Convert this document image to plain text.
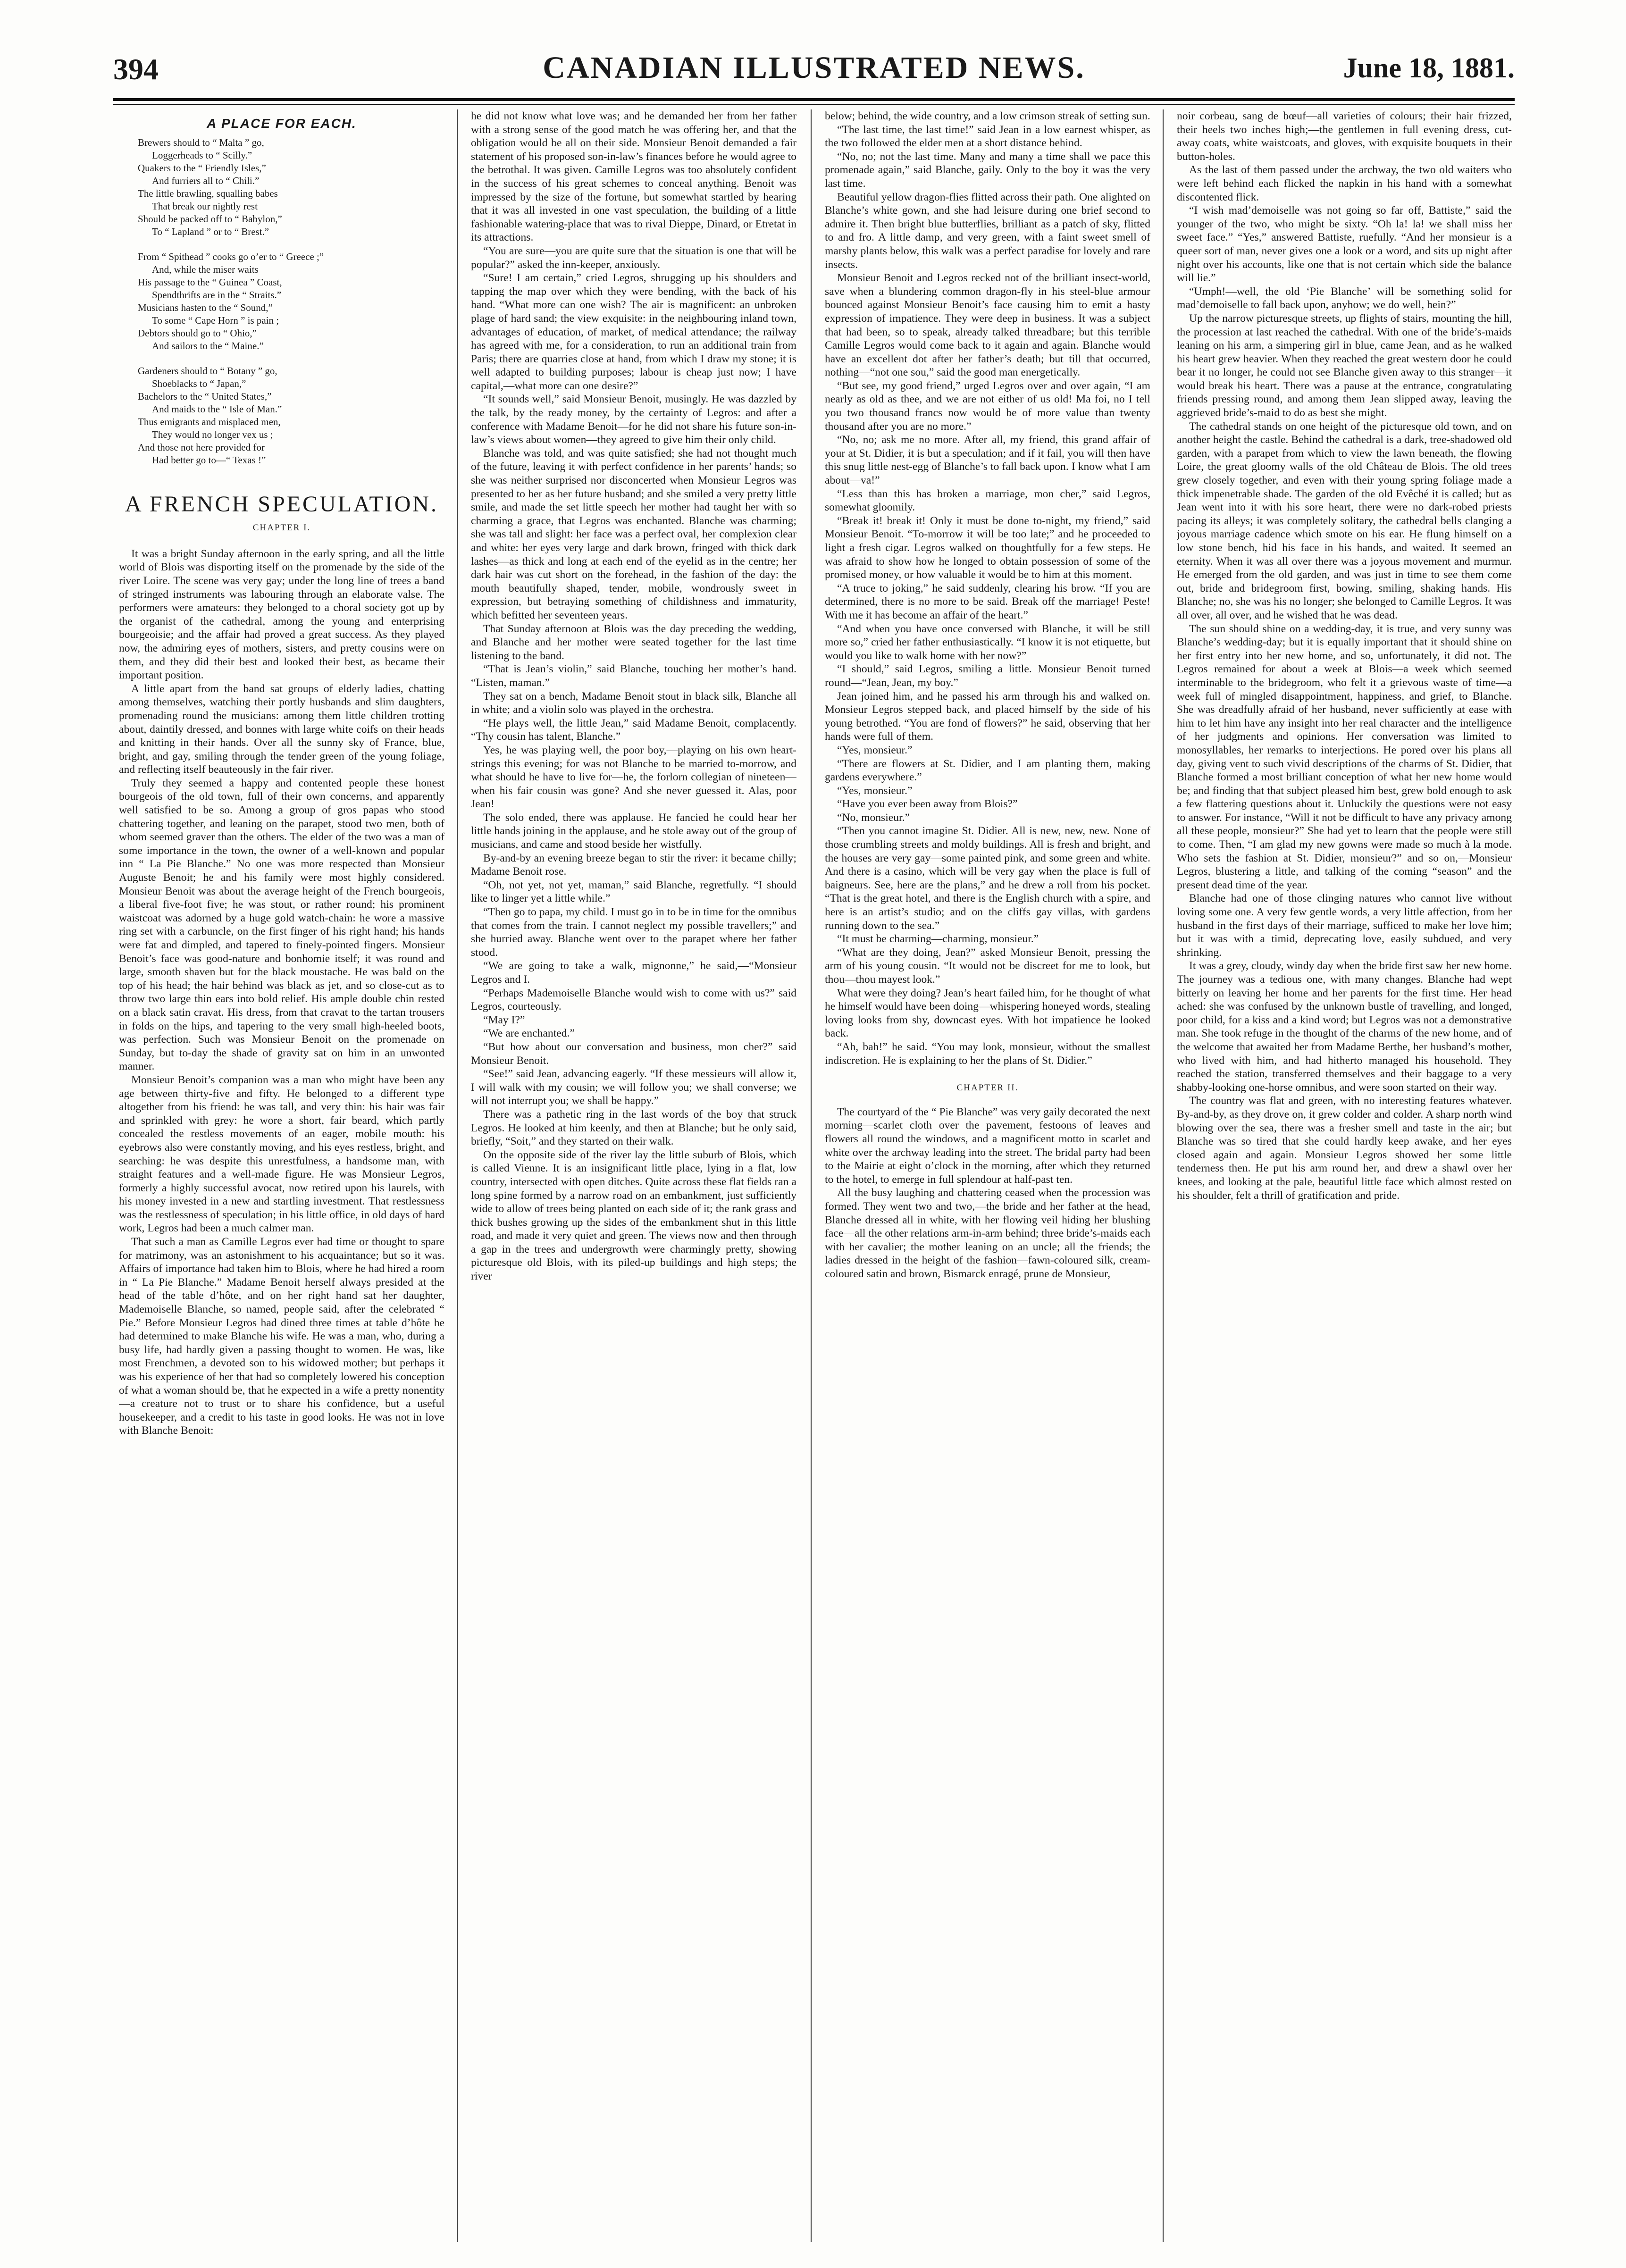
394	CANADIAN ILLUSTRATED NEWS.	June 18, 1881.
A PLACE FOR EACH.
Brewers should to “ Malta ” go,
Loggerheads to “ Scilly.”
Quakers to the “ Friendly Isles,”
And furriers all to “ Chili.”
The little brawling, squalling babes
That break our nightly rest
Should be packed off to “ Babylon,”
To “ Lapland ” or to “ Brest.”
From “ Spithead ” cooks go o’er to “ Greece ;”
And, while the miser waits
His passage to the “ Guinea ” Coast,
Spendthrifts are in the “ Straits.”
Musicians hasten to the “ Sound,”
To some “ Cape Horn ” is pain ;
Debtors should go to “ Ohio,”
And sailors to the “ Maine.”
Gardeners should to “ Botany ” go,
Shoeblacks to “ Japan,”
Bachelors to the “ United States,”
And maids to the “ Isle of Man.”
Thus emigrants and misplaced men,
They would no longer vex us ;
And those not here provided for
Had better go to—“ Texas !”
A FRENCH SPECULATION.
CHAPTER I.

It was a bright Sunday afternoon in the early spring, and all the little world of Blois was disporting itself on the promenade by the side of the river Loire. The scene was very gay; under the long line of trees a band of stringed instruments was labouring through an elaborate valse. The performers were amateurs: they belonged to a choral society got up by the organist of the cathedral, among the young and enterprising bourgeoisie; and the affair had proved a great success. As they played now, the admiring eyes of mothers, sisters, and pretty cousins were on them, and they did their best and looked their best, as became their important position.

A little apart from the band sat groups of elderly ladies, chatting among themselves, watching their portly husbands and slim daughters, promenading round the musicians: among them little children trotting about, daintily dressed, and bonnes with large white coifs on their heads and knitting in their hands. Over all the sunny sky of France, blue, bright, and gay, smiling through the tender green of the young foliage, and reflecting itself beauteously in the fair river.

Truly they seemed a happy and contented people these honest bourgeois of the old town, full of their own concerns, and apparently well satisfied to be so. Among a group of gros papas who stood chattering together, and leaning on the parapet, stood two men, both of whom seemed graver than the others. The elder of the two was a man of some importance in the town, the owner of a well-known and popular inn “ La Pie Blanche.” No one was more respected than Monsieur Auguste Benoit; he and his family were most highly considered. Monsieur Benoit was about the average height of the French bourgeois, a liberal five-foot five; he was stout, or rather round; his prominent waistcoat was adorned by a huge gold watch-chain: he wore a massive ring set with a carbuncle, on the first finger of his right hand; his hands were fat and dimpled, and tapered to finely-pointed fingers. Monsieur Benoit’s face was good-nature and bonhomie itself; it was round and large, smooth shaven but for the black moustache. He was bald on the top of his head; the hair behind was black as jet, and so close-cut as to throw two large thin ears into bold relief. His ample double chin rested on a black satin cravat. His dress, from that cravat to the tartan trousers in folds on the hips, and tapering to the very small high-heeled boots, was perfection. Such was Monsieur Benoit on the promenade on Sunday, but to-day the shade of gravity sat on him in an unwonted manner.

Monsieur Benoit’s companion was a man who might have been any age between thirty-five and fifty. He belonged to a different type altogether from his friend: he was tall, and very thin: his hair was fair and sprinkled with grey: he wore a short, fair beard, which partly concealed the restless movements of an eager, mobile mouth: his eyebrows also were constantly moving, and his eyes restless, bright, and searching: he was despite this unrestfulness, a handsome man, with straight features and a well-made figure. He was Monsieur Legros, formerly a highly successful avocat, now retired upon his laurels, with his money invested in a new and startling investment. That restlessness was the restlessness of speculation; in his little office, in old days of hard work, Legros had been a much calmer man.

That such a man as Camille Legros ever had time or thought to spare for matrimony, was an astonishment to his acquaintance; but so it was. Affairs of importance had taken him to Blois, where he had hired a room in “ La Pie Blanche.” Madame Benoit herself always presided at the head of the table d’hôte, and on her right hand sat her daughter, Mademoiselle Blanche, so named, people said, after the celebrated “ Pie.” Before Monsieur Legros had dined three times at table d’hôte he had determined to make Blanche his wife. He was a man, who, during a busy life, had hardly given a passing thought to women. He was, like most Frenchmen, a devoted son to his widowed mother; but perhaps it was his experience of her that had so completely lowered his conception of what a woman should be, that he expected in a wife a pretty nonentity—a creature not to trust or to share his confidence, but a useful housekeeper, and a credit to his taste in good looks. He was not in love with Blanche Benoit:

he did not know what love was; and he demanded her from her father with a strong sense of the good match he was offering her, and that the obligation would be all on their side. Monsieur Benoit demanded a fair statement of his proposed son-in-law’s finances before he would agree to the betrothal. It was given. Camille Legros was too absolutely confident in the success of his great schemes to conceal anything. Benoit was impressed by the size of the fortune, but somewhat startled by hearing that it was all invested in one vast speculation, the building of a little fashionable watering-place that was to rival Dieppe, Dinard, or Etretat in its attractions.

“You are sure—you are quite sure that the situation is one that will be popular?” asked the inn-keeper, anxiously.

“Sure! I am certain,” cried Legros, shrugging up his shoulders and tapping the map over which they were bending, with the back of his hand. “What more can one wish? The air is magnificent: an unbroken plage of hard sand; the view exquisite: in the neighbouring inland town, advantages of education, of market, of medical attendance; the railway has agreed with me, for a consideration, to run an additional train from Paris; there are quarries close at hand, from which I draw my stone; it is well adapted to building purposes; labour is cheap just now; I have capital,—what more can one desire?”

“It sounds well,” said Monsieur Benoit, musingly. He was dazzled by the talk, by the ready money, by the certainty of Legros: and after a conference with Madame Benoit—for he did not share his future son-in-law’s views about women—they agreed to give him their only child.

Blanche was told, and was quite satisfied; she had not thought much of the future, leaving it with perfect confidence in her parents’ hands; so she was neither surprised nor disconcerted when Monsieur Legros was presented to her as her future husband; and she smiled a very pretty little smile, and made the set little speech her mother had taught her with so charming a grace, that Legros was enchanted. Blanche was charming; she was tall and slight: her face was a perfect oval, her complexion clear and white: her eyes very large and dark brown, fringed with thick dark lashes—as thick and long at each end of the eyelid as in the centre; her dark hair was cut short on the forehead, in the fashion of the day: the mouth beautifully shaped, tender, mobile, wondrously sweet in expression, but betraying something of childishness and immaturity, which befitted her seventeen years.

That Sunday afternoon at Blois was the day preceding the wedding, and Blanche and her mother were seated together for the last time listening to the band.

“That is Jean’s violin,” said Blanche, touching her mother’s hand. “Listen, maman.”

They sat on a bench, Madame Benoit stout in black silk, Blanche all in white; and a violin solo was played in the orchestra.

“He plays well, the little Jean,” said Madame Benoit, complacently. “Thy cousin has talent, Blanche.”

Yes, he was playing well, the poor boy,—playing on his own heart-strings this evening; for was not Blanche to be married to-morrow, and what should he have to live for—he, the forlorn collegian of nineteen—when his fair cousin was gone? And she never guessed it. Alas, poor Jean!

The solo ended, there was applause. He fancied he could hear her little hands joining in the applause, and he stole away out of the group of musicians, and came and stood beside her wistfully.

By-and-by an evening breeze began to stir the river: it became chilly; Madame Benoit rose.

“Oh, not yet, not yet, maman,” said Blanche, regretfully. “I should like to linger yet a little while.”

“Then go to papa, my child. I must go in to be in time for the omnibus that comes from the train. I cannot neglect my possible travellers;” and she hurried away. Blanche went over to the parapet where her father stood.

“We are going to take a walk, mignonne,” he said,—“Monsieur Legros and I.

“Perhaps Mademoiselle Blanche would wish to come with us?” said Legros, courteously.

“May I?”

“We are enchanted.”

“But how about our conversation and business, mon cher?” said Monsieur Benoit.

“See!” said Jean, advancing eagerly. “If these messieurs will allow it, I will walk with my cousin; we will follow you; we shall converse; we will not interrupt you; we shall be happy.”

There was a pathetic ring in the last words of the boy that struck Legros. He looked at him keenly, and then at Blanche; but he only said, briefly, “Soit,” and they started on their walk.

On the opposite side of the river lay the little suburb of Blois, which is called Vienne. It is an insignificant little place, lying in a flat, low country, intersected with open ditches. Quite across these flat fields ran a long spine formed by a narrow road on an embankment, just sufficiently wide to allow of trees being planted on each side of it; the rank grass and thick bushes growing up the sides of the embankment shut in this little road, and made it very quiet and green. The views now and then through a gap in the trees and undergrowth were charmingly pretty, showing picturesque old Blois, with its piled-up buildings and high steps; the river

below; behind, the wide country, and a low crimson streak of setting sun.

“The last time, the last time!” said Jean in a low earnest whisper, as the two followed the elder men at a short distance behind.

“No, no; not the last time. Many and many a time shall we pace this promenade again,” said Blanche, gaily. Only to the boy it was the very last time.

Beautiful yellow dragon-flies flitted across their path. One alighted on Blanche’s white gown, and she had leisure during one brief second to admire it. Then bright blue butterflies, brilliant as a patch of sky, flitted to and fro. A little damp, and very green, with a faint sweet smell of marshy plants below, this walk was a perfect paradise for lovely and rare insects.

Monsieur Benoit and Legros recked not of the brilliant insect-world, save when a blundering common dragon-fly in his steel-blue armour bounced against Monsieur Benoit’s face causing him to emit a hasty expression of impatience. They were deep in business. It was a subject that had been, so to speak, already talked threadbare; but this terrible Camille Legros would come back to it again and again. Blanche would have an excellent dot after her father’s death; but till that occurred, nothing—“not one sou,” said the good man energetically.

“But see, my good friend,” urged Legros over and over again, “I am nearly as old as thee, and we are not either of us old! Ma foi, no I tell you two thousand francs now would be of more value than twenty thousand after you are no more.”

“No, no; ask me no more. After all, my friend, this grand affair of your at St. Didier, it is but a speculation; and if it fail, you will then have this snug little nest-egg of Blanche’s to fall back upon. I know what I am about—va!”

“Less than this has broken a marriage, mon cher,” said Legros, somewhat gloomily.

“Break it! break it! Only it must be done to-night, my friend,” said Monsieur Benoit. “To-morrow it will be too late;” and he proceeded to light a fresh cigar. Legros walked on thoughtfully for a few steps. He was afraid to show how he longed to obtain possession of some of the promised money, or how valuable it would be to him at this moment.

“A truce to joking,” he said suddenly, clearing his brow. “If you are determined, there is no more to be said. Break off the marriage! Peste! With me it has become an affair of the heart.”

“And when you have once conversed with Blanche, it will be still more so,” cried her father enthusiastically. “I know it is not etiquette, but would you like to walk home with her now?”

“I should,” said Legros, smiling a little. Monsieur Benoit turned round—“Jean, Jean, my boy.”

Jean joined him, and he passed his arm through his and walked on. Monsieur Legros stepped back, and placed himself by the side of his young betrothed. “You are fond of flowers?” he said, observing that her hands were full of them.

“Yes, monsieur.”

“There are flowers at St. Didier, and I am planting them, making gardens everywhere.”

“Yes, monsieur.”

“Have you ever been away from Blois?”

“No, monsieur.”

“Then you cannot imagine St. Didier. All is new, new, new. None of those crumbling streets and moldy buildings. All is fresh and bright, and the houses are very gay—some painted pink, and some green and white. And there is a casino, which will be very gay when the place is full of baigneurs. See, here are the plans,” and he drew a roll from his pocket. “That is the great hotel, and there is the English church with a spire, and here is an artist’s studio; and on the cliffs gay villas, with gardens running down to the sea.”

“It must be charming—charming, monsieur.”

“What are they doing, Jean?” asked Monsieur Benoit, pressing the arm of his young cousin. “It would not be discreet for me to look, but thou—thou mayest look.”

What were they doing? Jean’s heart failed him, for he thought of what he himself would have been doing—whispering honeyed words, stealing loving looks from shy, downcast eyes. With hot impatience he looked back.

“Ah, bah!” he said. “You may look, monsieur, without the smallest indiscretion. He is explaining to her the plans of St. Didier.”

CHAPTER II.

The courtyard of the “ Pie Blanche” was very gaily decorated the next morning—scarlet cloth over the pavement, festoons of leaves and flowers all round the windows, and a magnificent motto in scarlet and white over the archway leading into the street. The bridal party had been to the Mairie at eight o’clock in the morning, after which they returned to the hotel, to emerge in full splendour at half-past ten.

All the busy laughing and chattering ceased when the procession was formed. They went two and two,—the bride and her father at the head, Blanche dressed all in white, with her flowing veil hiding her blushing face—all the other relations arm-in-arm behind; three bride’s-maids each with her cavalier; the mother leaning on an uncle; all the friends; the ladies dressed in the height of the fashion—fawn-coloured silk, cream-coloured satin and brown, Bismarck enragé, prune de Monsieur,

noir corbeau, sang de bœuf—all varieties of colours; their hair frizzed, their heels two inches high;—the gentlemen in full evening dress, cut-away coats, white waistcoats, and gloves, with exquisite bouquets in their button-holes.

As the last of them passed under the archway, the two old waiters who were left behind each flicked the napkin in his hand with a somewhat discontented flick.

“I wish mad’demoiselle was not going so far off, Battiste,” said the younger of the two, who might be sixty. “Oh la! la! we shall miss her sweet face.” “Yes,” answered Battiste, ruefully. “And her monsieur is a queer sort of man, never gives one a look or a word, and sits up night after night over his accounts, like one that is not certain which side the balance will lie.”

“Umph!—well, the old ‘Pie Blanche’ will be something solid for mad’demoiselle to fall back upon, anyhow; we do well, hein?”

Up the narrow picturesque streets, up flights of stairs, mounting the hill, the procession at last reached the cathedral. With one of the bride’s-maids leaning on his arm, a simpering girl in blue, came Jean, and as he walked his heart grew heavier. When they reached the great western door he could bear it no longer, he could not see Blanche given away to this stranger—it would break his heart. There was a pause at the entrance, congratulating friends pressing round, and among them Jean slipped away, leaving the aggrieved bride’s-maid to do as best she might.

The cathedral stands on one height of the picturesque old town, and on another height the castle. Behind the cathedral is a dark, tree-shadowed old garden, with a parapet from which to view the lawn beneath, the flowing Loire, the great gloomy walls of the old Château de Blois. The old trees grew closely together, and even with their young spring foliage made a thick impenetrable shade. The garden of the old Evêché it is called; but as Jean went into it with his sore heart, there were no dark-robed priests pacing its alleys; it was completely solitary, the cathedral bells clanging a joyous marriage cadence which smote on his ear. He flung himself on a low stone bench, hid his face in his hands, and waited. It seemed an eternity. When it was all over there was a joyous movement and murmur. He emerged from the old garden, and was just in time to see them come out, bride and bridegroom first, bowing, smiling, shaking hands. His Blanche; no, she was his no longer; she belonged to Camille Legros. It was all over, all over, and he wished that he was dead.

The sun should shine on a wedding-day, it is true, and very sunny was Blanche’s wedding-day; but it is equally important that it should shine on her first entry into her new home, and so, unfortunately, it did not. The Legros remained for about a week at Blois—a week which seemed interminable to the bridegroom, who felt it a grievous waste of time—a week full of mingled disappointment, happiness, and grief, to Blanche. She was dreadfully afraid of her husband, never sufficiently at ease with him to let him have any insight into her real character and the intelligence of her judgments and opinions. Her conversation was limited to monosyllables, her remarks to interjections. He pored over his plans all day, giving vent to such vivid descriptions of the charms of St. Didier, that Blanche formed a most brilliant conception of what her new home would be; and finding that that subject pleased him best, grew bold enough to ask a few flattering questions about it. Unluckily the questions were not easy to answer. For instance, “Will it not be difficult to have any privacy among all these people, monsieur?” She had yet to learn that the people were still to come. Then, “I am glad my new gowns were made so much à la mode. Who sets the fashion at St. Didier, monsieur?” and so on,—Monsieur Legros, blustering a little, and talking of the coming “season” and the present dead time of the year.

Blanche had one of those clinging natures who cannot live without loving some one. A very few gentle words, a very little affection, from her husband in the first days of their marriage, sufficed to make her love him; but it was with a timid, deprecating love, easily subdued, and very shrinking.

It was a grey, cloudy, windy day when the bride first saw her new home. The journey was a tedious one, with many changes. Blanche had wept bitterly on leaving her home and her parents for the first time. Her head ached: she was confused by the unknown bustle of travelling, and longed, poor child, for a kiss and a kind word; but Legros was not a demonstrative man. She took refuge in the thought of the charms of the new home, and of the welcome that awaited her from Madame Berthe, her husband’s mother, who lived with him, and had hitherto managed his household. They reached the station, transferred themselves and their baggage to a very shabby-looking one-horse omnibus, and were soon started on their way.

The country was flat and green, with no interesting features whatever. By-and-by, as they drove on, it grew colder and colder. A sharp north wind blowing over the sea, there was a fresher smell and taste in the air; but Blanche was so tired that she could hardly keep awake, and her eyes closed again and again. Monsieur Legros showed her some little tenderness then. He put his arm round her, and drew a shawl over her knees, and looking at the pale, beautiful little face which almost rested on his shoulder, felt a thrill of gratification and pride.
